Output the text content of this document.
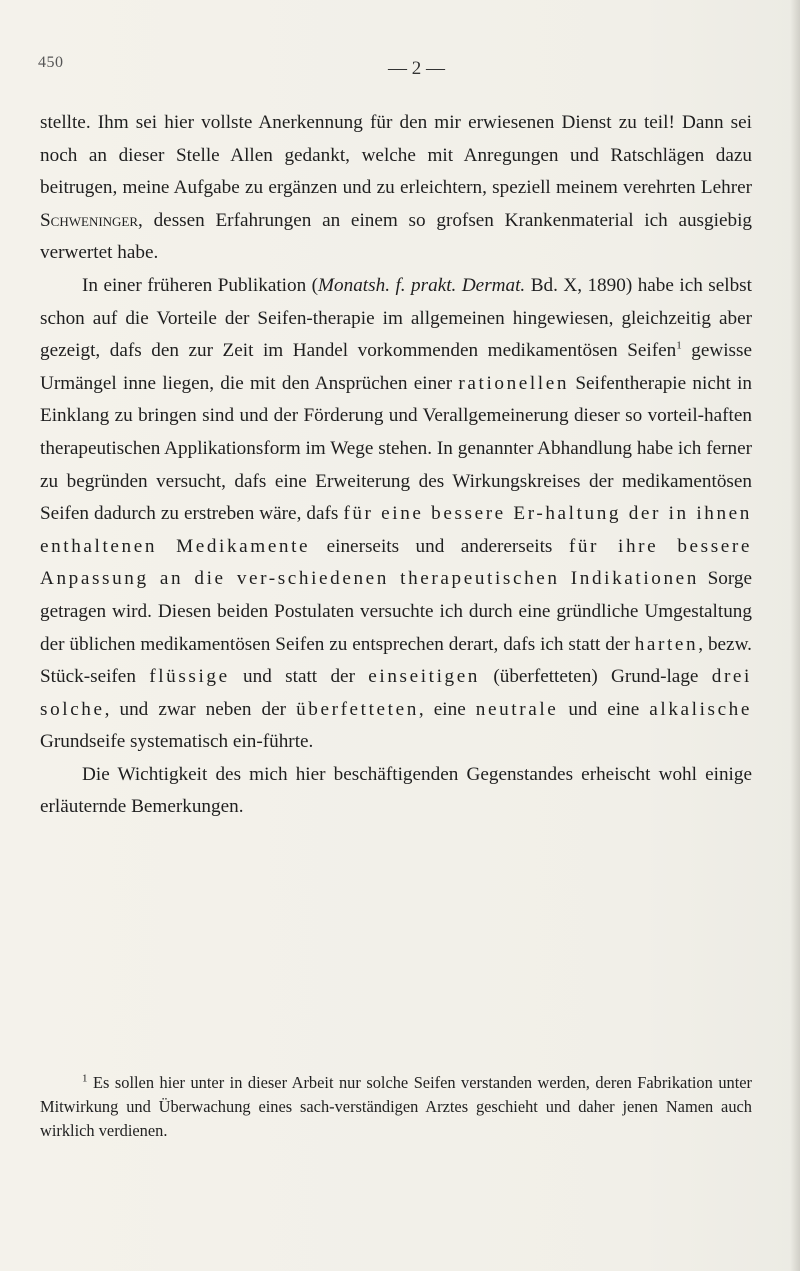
450	— 2 —

stellte. Ihm sei hier vollste Anerkennung für den mir erwiesenen Dienst zu teil! Dann sei noch an dieser Stelle Allen gedankt, welche mit Anregungen und Ratschlägen dazu beitrugen, meine Aufgabe zu ergänzen und zu erleichtern, speziell meinem verehrten Lehrer Schweninger, dessen Erfahrungen an einem so grofsen Krankenmaterial ich ausgiebig verwertet habe.

In einer früheren Publikation (Monatsh. f. prakt. Dermat. Bd. X, 1890) habe ich selbst schon auf die Vorteile der Seifen-therapie im allgemeinen hingewiesen, gleichzeitig aber gezeigt, dafs den zur Zeit im Handel vorkommenden medikamentösen Seifen$^1$ gewisse Urmängel inne liegen, die mit den Ansprüchen einer rationellen Seifentherapie nicht in Einklang zu bringen sind und der Förderung und Verallgemeinerung dieser so vorteil-haften therapeutischen Applikationsform im Wege stehen. In genannter Abhandlung habe ich ferner zu begründen versucht, dafs eine Erweiterung des Wirkungskreises der medikamentösen Seifen dadurch zu erstreben wäre, dafs für eine bessere Er-haltung der in ihnen enthaltenen Medikamente einerseits und andererseits für ihre bessere Anpassung an die ver-schiedenen therapeutischen Indikationen Sorge getragen wird. Diesen beiden Postulaten versuchte ich durch eine gründliche Umgestaltung der üblichen medikamentösen Seifen zu entsprechen derart, dafs ich statt der harten, bezw. Stück-seifen flüssige und statt der einseitigen (überfetteten) Grund-lage drei solche, und zwar neben der überfetteten, eine neutrale und eine alkalische Grundseife systematisch ein-führte.

Die Wichtigkeit des mich hier beschäftigenden Gegenstandes erheischt wohl einige erläuternde Bemerkungen.

$^1$ Es sollen hier unter in dieser Arbeit nur solche Seifen verstanden werden, deren Fabrikation unter Mitwirkung und Überwachung eines sach-verständigen Arztes geschieht und daher jenen Namen auch wirklich verdienen.
